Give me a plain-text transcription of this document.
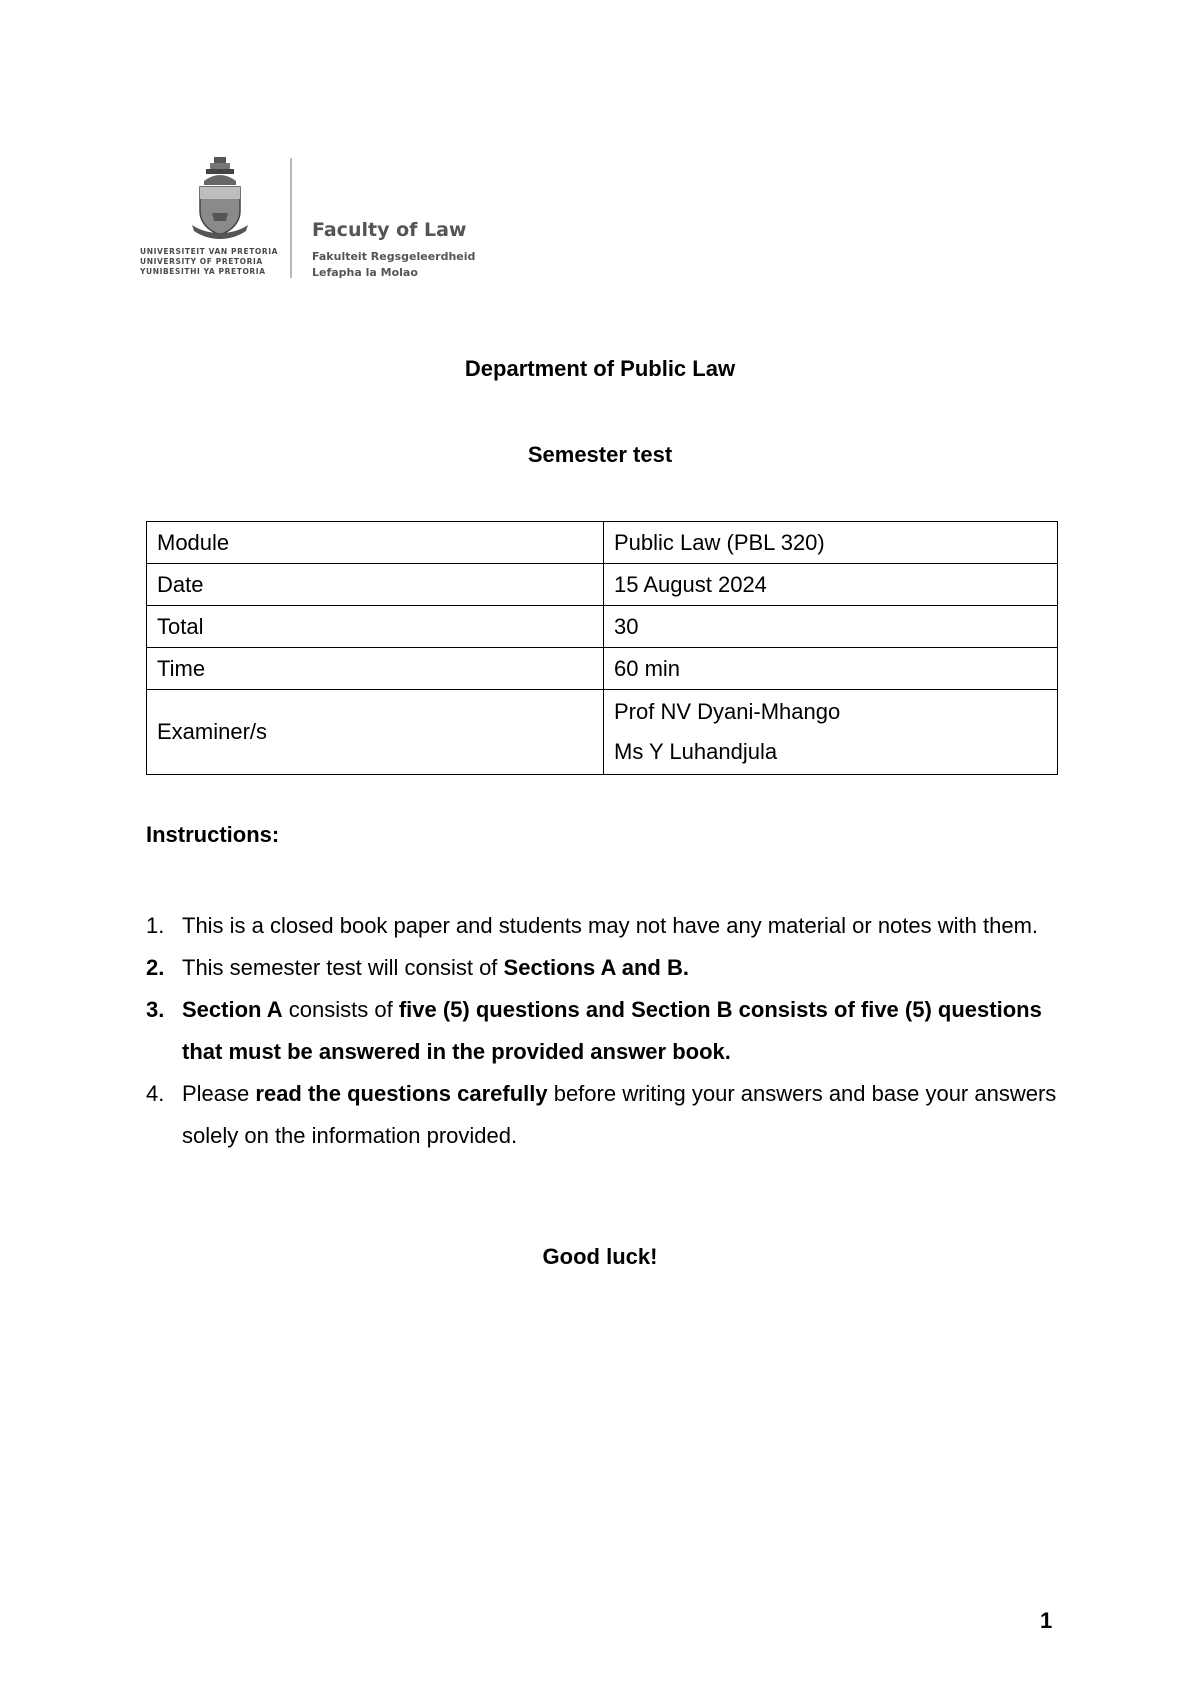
UNIVERSITEIT VAN PRETORIA
UNIVERSITY OF PRETORIA
YUNIBESITHI YA PRETORIA
Faculty of Law
Fakulteit Regsgeleerdheid
Lefapha la Molao
Department of Public Law
Semester test
Module	Public Law (PBL 320)
Date	15 August 2024
Total	30
Time	60 min
Examiner/s	Prof NV Dyani-Mhango
Ms Y Luhandjula
Instructions:
1. This is a closed book paper and students may not have any material or notes with them.
2. This semester test will consist of Sections A and B.
3. Section A consists of five (5) questions and Section B consists of five (5) questions that must be answered in the provided answer book.
4. Please read the questions carefully before writing your answers and base your answers solely on the information provided.
Good luck!
1
